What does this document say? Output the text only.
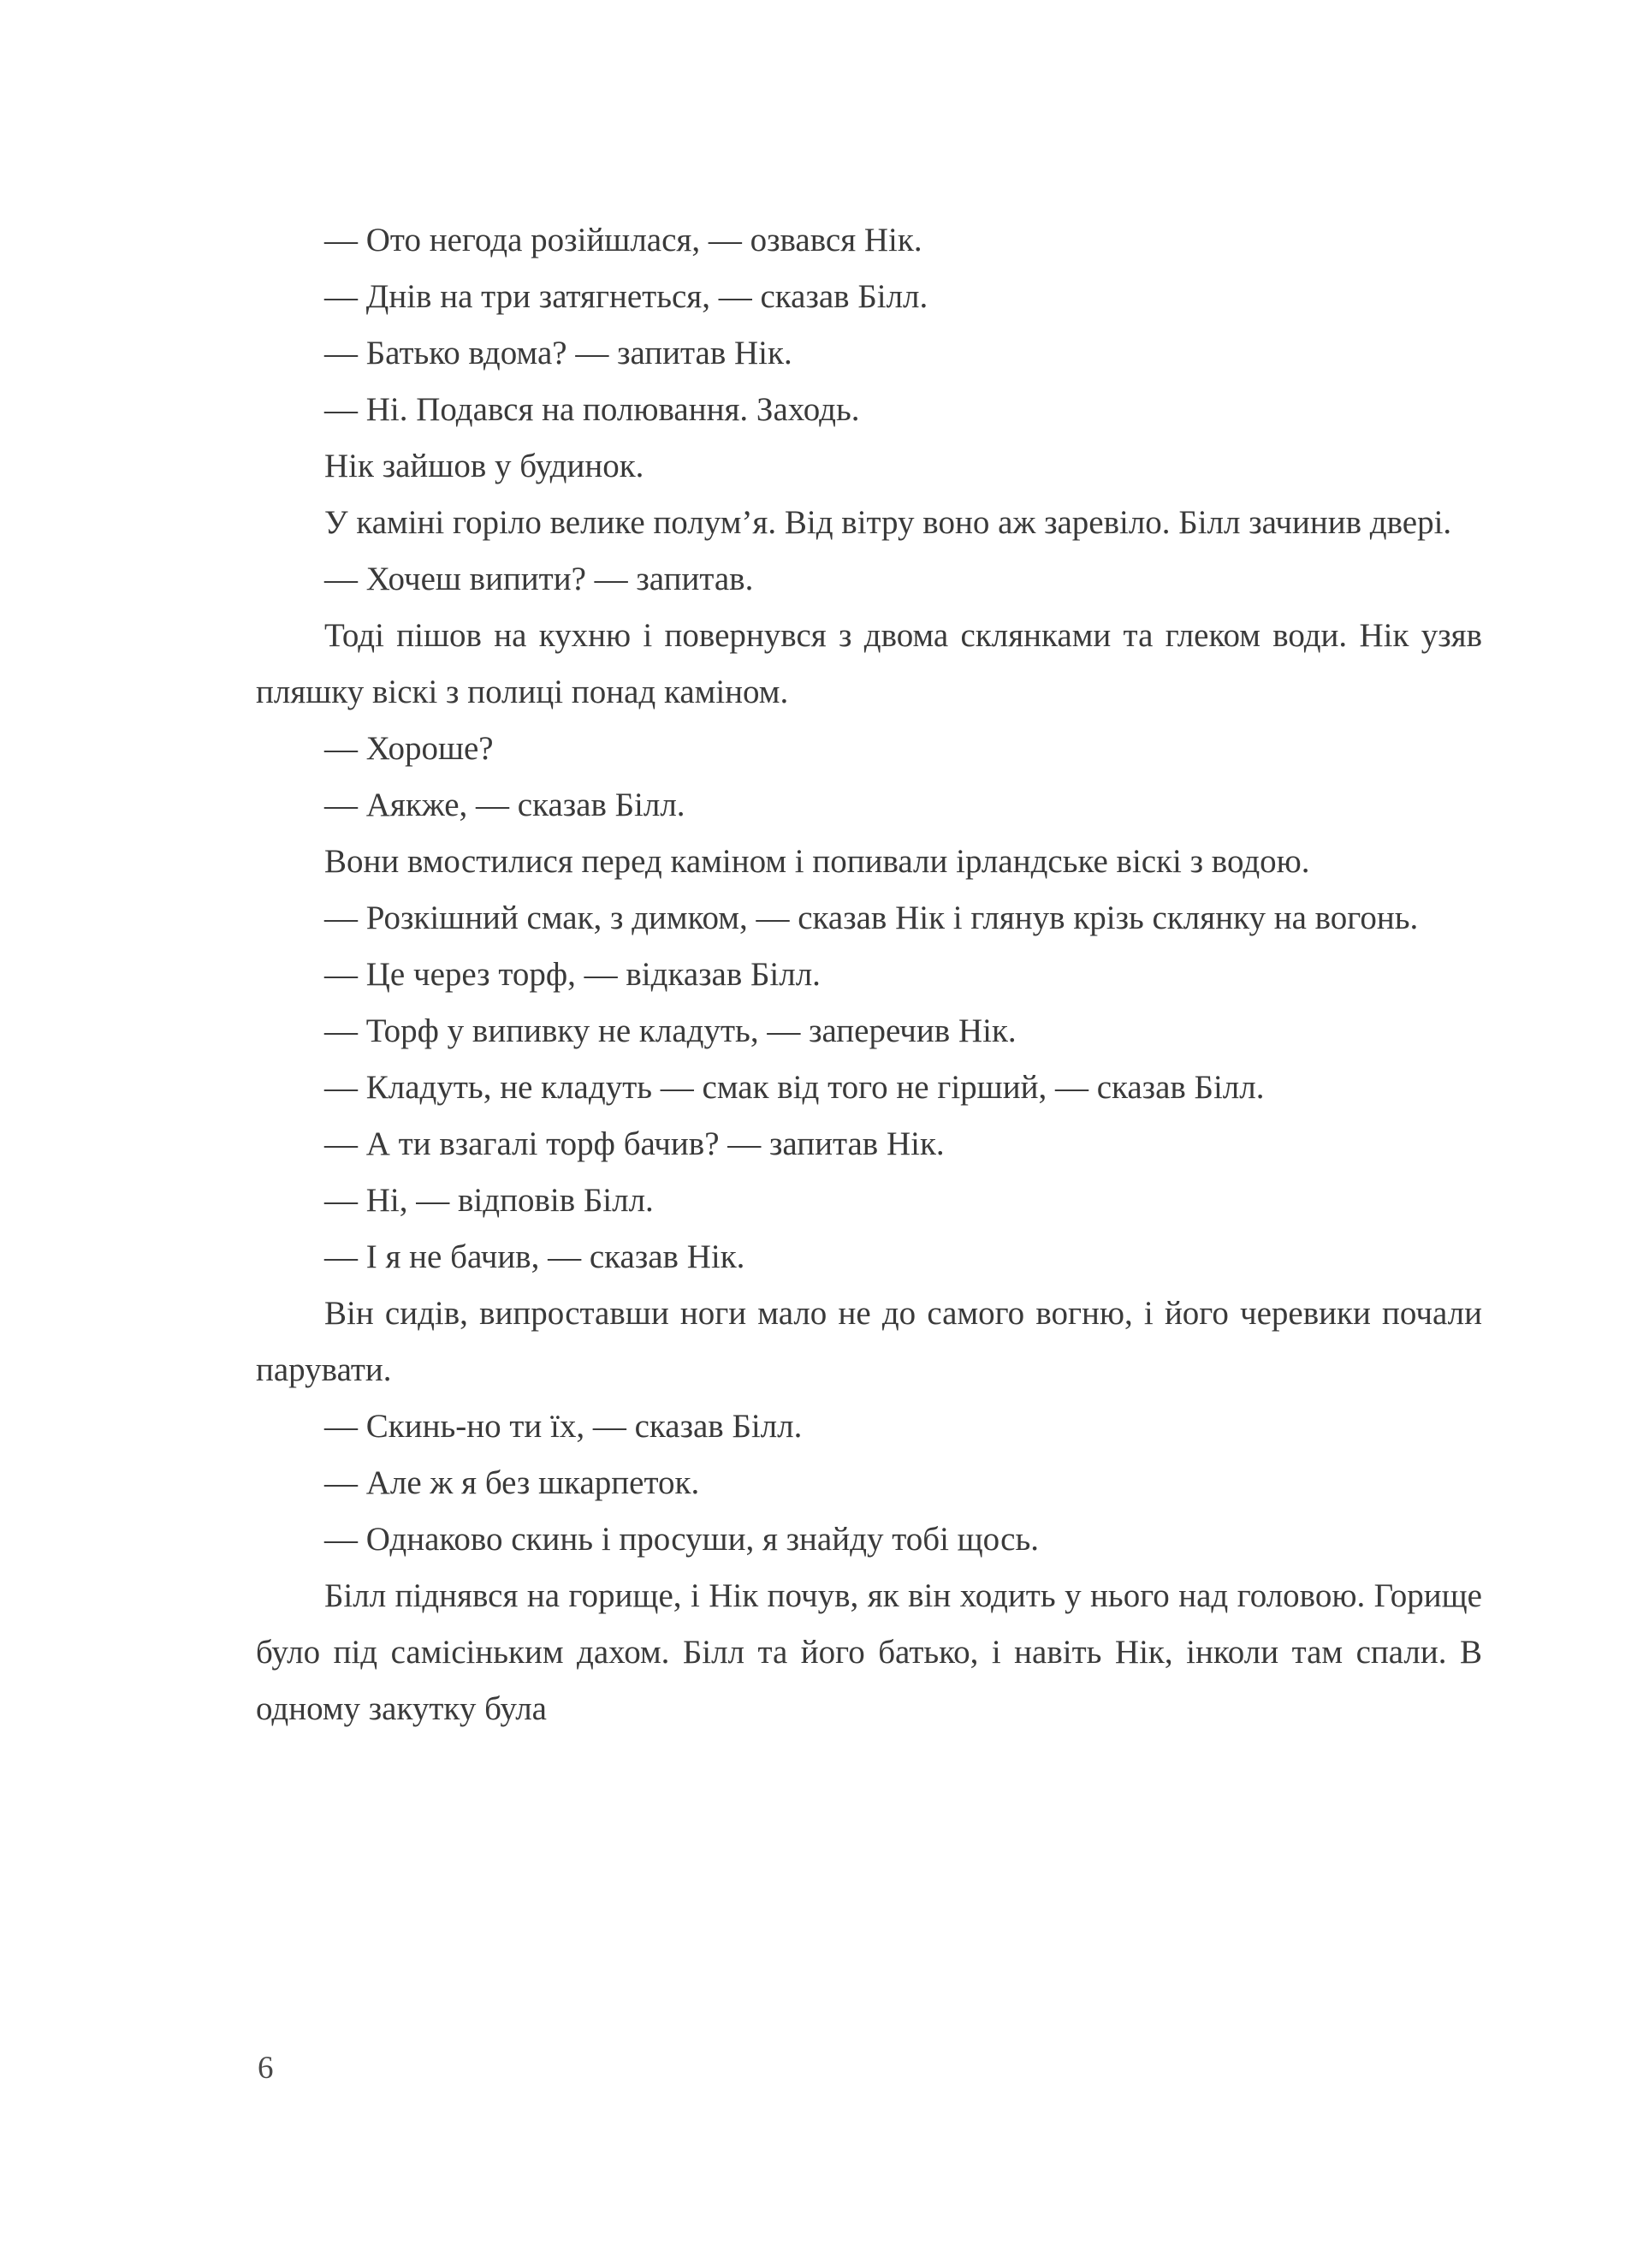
— Ото негода розійшлася, — озвався Нік.

— Днів на три затягнеться, — сказав Білл.

— Батько вдома? — запитав Нік.

— Ні. Подався на полювання. Заходь.

Нік зайшов у будинок.

У каміні горіло велике полум’я. Від вітру воно аж заревіло. Білл зачинив двері.

— Хочеш випити? — запитав.

Тоді пішов на кухню і повернувся з двома склянками та глеком води. Нік узяв пляшку віскі з полиці понад каміном.

— Хороше?

— Аякже, — сказав Білл.

Вони вмостилися перед каміном і попивали ірландське віскі з водою.

— Розкішний смак, з димком, — сказав Нік і глянув крізь склянку на вогонь.

— Це через торф, — відказав Білл.

— Торф у випивку не кладуть, — заперечив Нік.

— Кладуть, не кладуть — смак від того не гірший, — сказав Білл.

— А ти взагалі торф бачив? — запитав Нік.

— Ні, — відповів Білл.

— І я не бачив, — сказав Нік.

Він сидів, випроставши ноги мало не до самого вогню, і його черевики почали парувати.

— Скинь-но ти їх, — сказав Білл.

— Але ж я без шкарпеток.

— Однаково скинь і просуши, я знайду тобі щось.

Білл піднявся на горище, і Нік почув, як він ходить у нього над головою. Горище було під самісіньким дахом. Білл та його батько, і навіть Нік, інколи там спали. В одному закутку була

6
